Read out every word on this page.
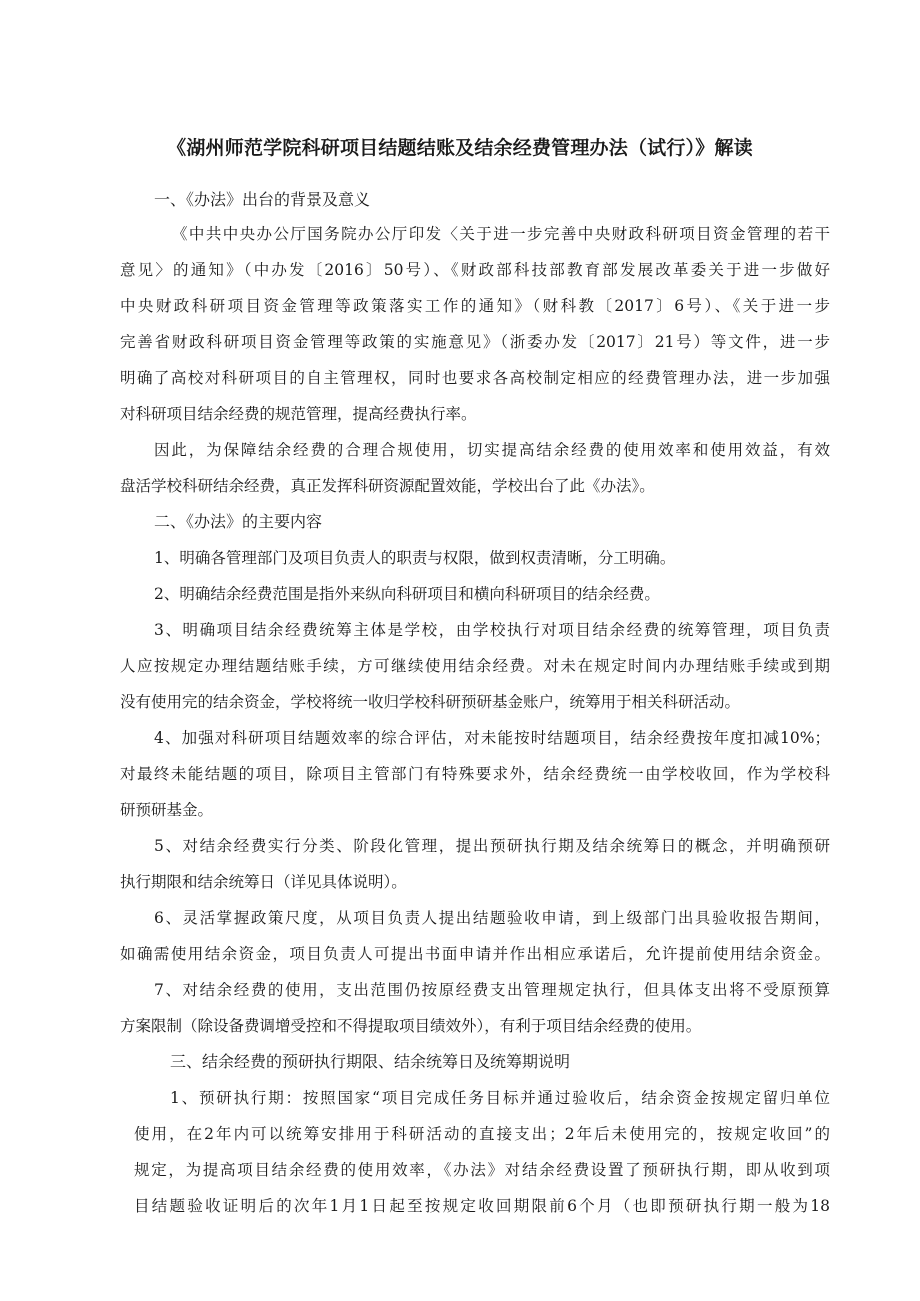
《湖州师范学院科研项目结题结账及结余经费管理办法（试行）》解读
一、《办法》出台的背景及意义
《中共中央办公厅国务院办公厅印发〈关于进一步完善中央财政科研项目资金管理的若干
意见〉的通知》（中办发〔2016〕50号）、《财政部科技部教育部发展改革委关于进一步做好
中央财政科研项目资金管理等政策落实工作的通知》（财科教〔2017〕6号）、《关于进一步
完善省财政科研项目资金管理等政策的实施意见》（浙委办发〔2017〕21号）等文件，进一步
明确了高校对科研项目的自主管理权，同时也要求各高校制定相应的经费管理办法，进一步加强
对科研项目结余经费的规范管理，提高经费执行率。
因此，为保障结余经费的合理合规使用，切实提高结余经费的使用效率和使用效益，有效
盘活学校科研结余经费，真正发挥科研资源配置效能，学校出台了此《办法》。
二、《办法》的主要内容
1、明确各管理部门及项目负责人的职责与权限，做到权责清晰，分工明确。
2、明确结余经费范围是指外来纵向科研项目和横向科研项目的结余经费。
3、明确项目结余经费统筹主体是学校，由学校执行对项目结余经费的统筹管理，项目负责
人应按规定办理结题结账手续，方可继续使用结余经费。对未在规定时间内办理结账手续或到期
没有使用完的结余资金，学校将统一收归学校科研预研基金账户，统筹用于相关科研活动。
4、加强对科研项目结题效率的综合评估，对未能按时结题项目，结余经费按年度扣减10%；
对最终未能结题的项目，除项目主管部门有特殊要求外，结余经费统一由学校收回，作为学校科
研预研基金。
5、对结余经费实行分类、阶段化管理，提出预研执行期及结余统筹日的概念，并明确预研
执行期限和结余统筹日（详见具体说明）。
6、灵活掌握政策尺度，从项目负责人提出结题验收申请，到上级部门出具验收报告期间，
如确需使用结余资金，项目负责人可提出书面申请并作出相应承诺后，允许提前使用结余资金。
7、对结余经费的使用，支出范围仍按原经费支出管理规定执行，但具体支出将不受原预算
方案限制（除设备费调增受控和不得提取项目绩效外），有利于项目结余经费的使用。
三、结余经费的预研执行期限、结余统筹日及统筹期说明
1、预研执行期：按照国家“项目完成任务目标并通过验收后，结余资金按规定留归单位
使用，在2年内可以统筹安排用于科研活动的直接支出；2年后未使用完的，按规定收回”的
规定，为提高项目结余经费的使用效率，《办法》对结余经费设置了预研执行期，即从收到项
目结题验收证明后的次年1月1日起至按规定收回期限前6个月（也即预研执行期一般为18
